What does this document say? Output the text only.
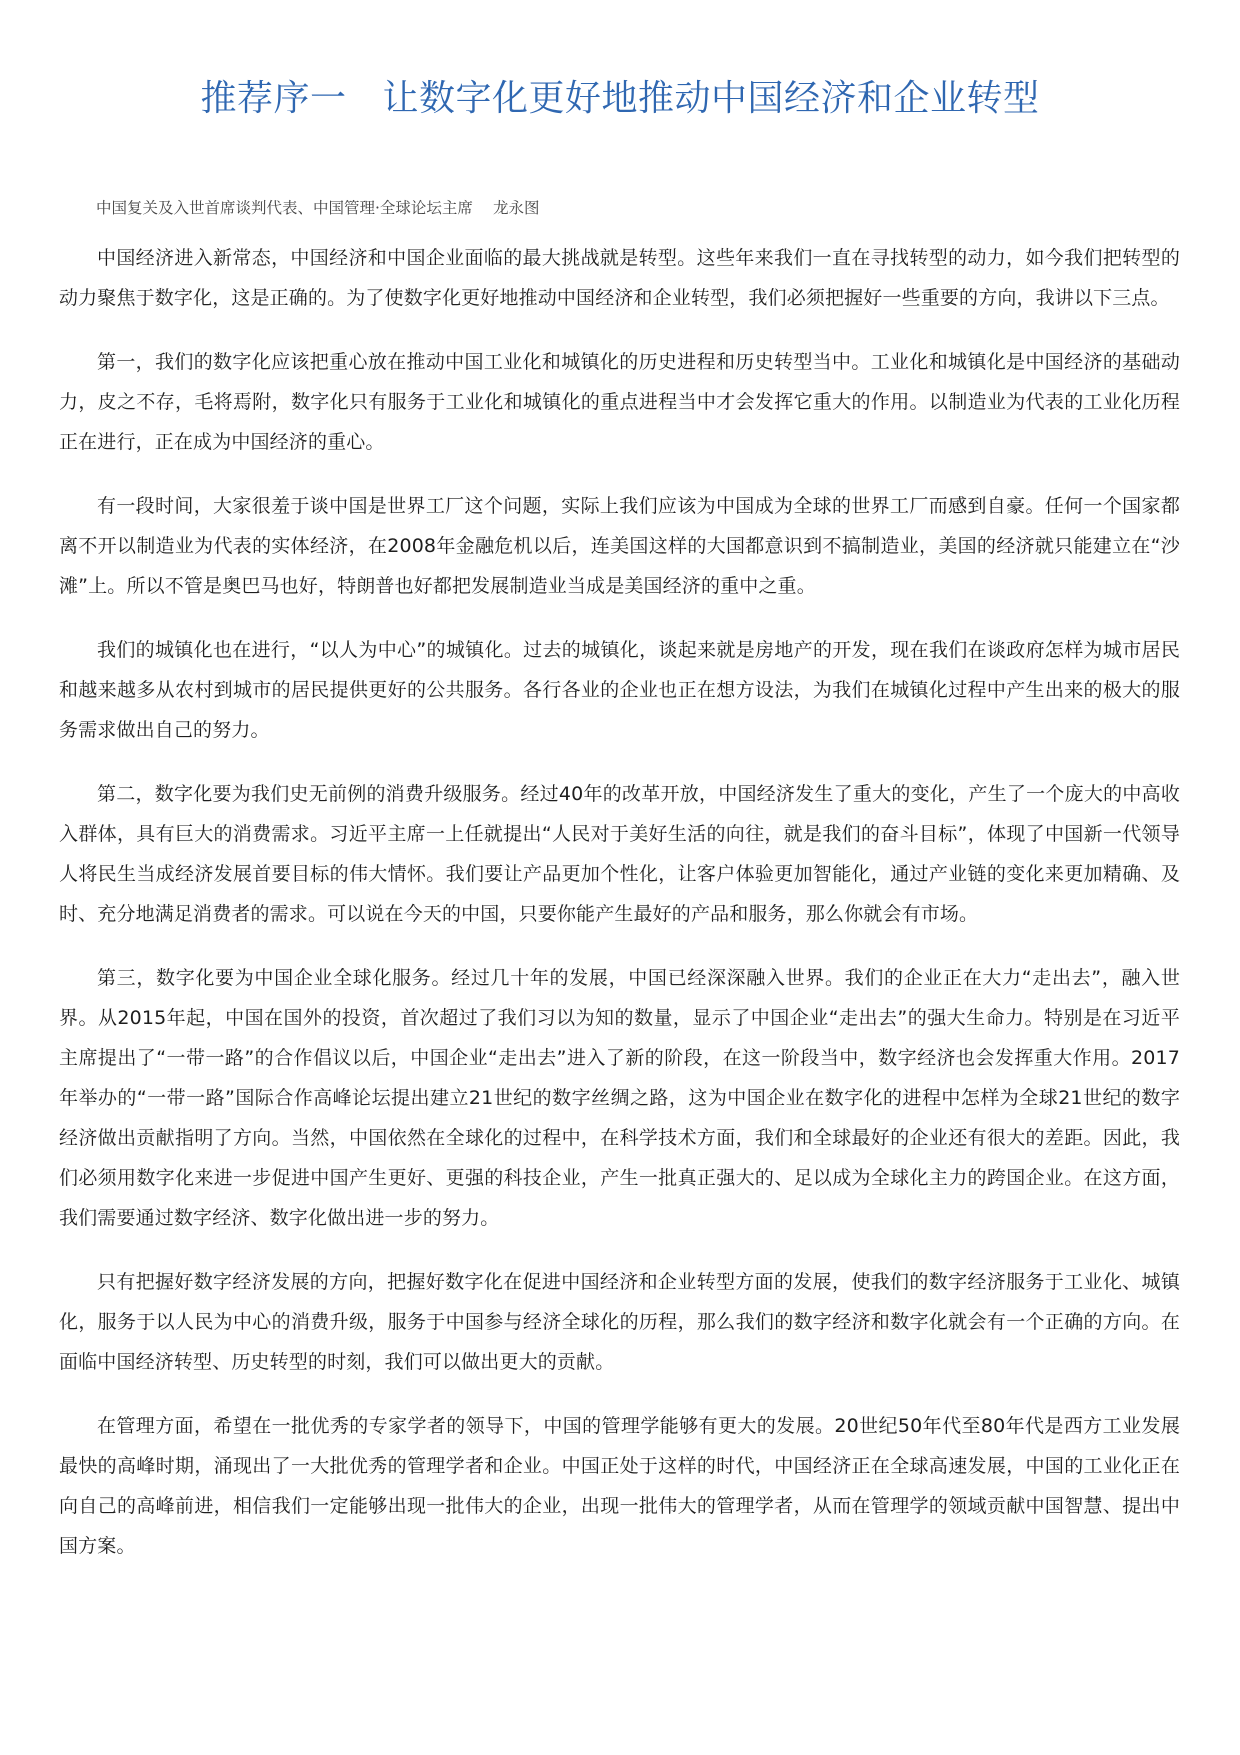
推荐序一 让数字化更好地推动中国经济和企业转型

中国复关及入世首席谈判代表、中国管理·全球论坛主席 龙永图

中国经济进入新常态，中国经济和中国企业面临的最大挑战就是转型。这些年来我们一直在寻找转型的动力，如今我们把转型的动力聚焦于数字化，这是正确的。为了使数字化更好地推动中国经济和企业转型，我们必须把握好一些重要的方向，我讲以下三点。

第一，我们的数字化应该把重心放在推动中国工业化和城镇化的历史进程和历史转型当中。工业化和城镇化是中国经济的基础动力，皮之不存，毛将焉附，数字化只有服务于工业化和城镇化的重点进程当中才会发挥它重大的作用。以制造业为代表的工业化历程正在进行，正在成为中国经济的重心。

有一段时间，大家很羞于谈中国是世界工厂这个问题，实际上我们应该为中国成为全球的世界工厂而感到自豪。任何一个国家都离不开以制造业为代表的实体经济，在2008年金融危机以后，连美国这样的大国都意识到不搞制造业，美国的经济就只能建立在“沙滩”上。所以不管是奥巴马也好，特朗普也好都把发展制造业当成是美国经济的重中之重。

我们的城镇化也在进行，“以人为中心”的城镇化。过去的城镇化，谈起来就是房地产的开发，现在我们在谈政府怎样为城市居民和越来越多从农村到城市的居民提供更好的公共服务。各行各业的企业也正在想方设法，为我们在城镇化过程中产生出来的极大的服务需求做出自己的努力。

第二，数字化要为我们史无前例的消费升级服务。经过40年的改革开放，中国经济发生了重大的变化，产生了一个庞大的中高收入群体，具有巨大的消费需求。习近平主席一上任就提出“人民对于美好生活的向往，就是我们的奋斗目标”，体现了中国新一代领导人将民生当成经济发展首要目标的伟大情怀。我们要让产品更加个性化，让客户体验更加智能化，通过产业链的变化来更加精确、及时、充分地满足消费者的需求。可以说在今天的中国，只要你能产生最好的产品和服务，那么你就会有市场。

第三，数字化要为中国企业全球化服务。经过几十年的发展，中国已经深深融入世界。我们的企业正在大力“走出去”，融入世界。从2015年起，中国在国外的投资，首次超过了我们习以为知的数量，显示了中国企业“走出去”的强大生命力。特别是在习近平主席提出了“一带一路”的合作倡议以后，中国企业“走出去”进入了新的阶段，在这一阶段当中，数字经济也会发挥重大作用。2017年举办的“一带一路”国际合作高峰论坛提出建立21世纪的数字丝绸之路，这为中国企业在数字化的进程中怎样为全球21世纪的数字经济做出贡献指明了方向。当然，中国依然在全球化的过程中，在科学技术方面，我们和全球最好的企业还有很大的差距。因此，我们必须用数字化来进一步促进中国产生更好、更强的科技企业，产生一批真正强大的、足以成为全球化主力的跨国企业。在这方面，我们需要通过数字经济、数字化做出进一步的努力。

只有把握好数字经济发展的方向，把握好数字化在促进中国经济和企业转型方面的发展，使我们的数字经济服务于工业化、城镇化，服务于以人民为中心的消费升级，服务于中国参与经济全球化的历程，那么我们的数字经济和数字化就会有一个正确的方向。在面临中国经济转型、历史转型的时刻，我们可以做出更大的贡献。

在管理方面，希望在一批优秀的专家学者的领导下，中国的管理学能够有更大的发展。20世纪50年代至80年代是西方工业发展最快的高峰时期，涌现出了一大批优秀的管理学者和企业。中国正处于这样的时代，中国经济正在全球高速发展，中国的工业化正在向自己的高峰前进，相信我们一定能够出现一批伟大的企业，出现一批伟大的管理学者，从而在管理学的领域贡献中国智慧、提出中国方案。
